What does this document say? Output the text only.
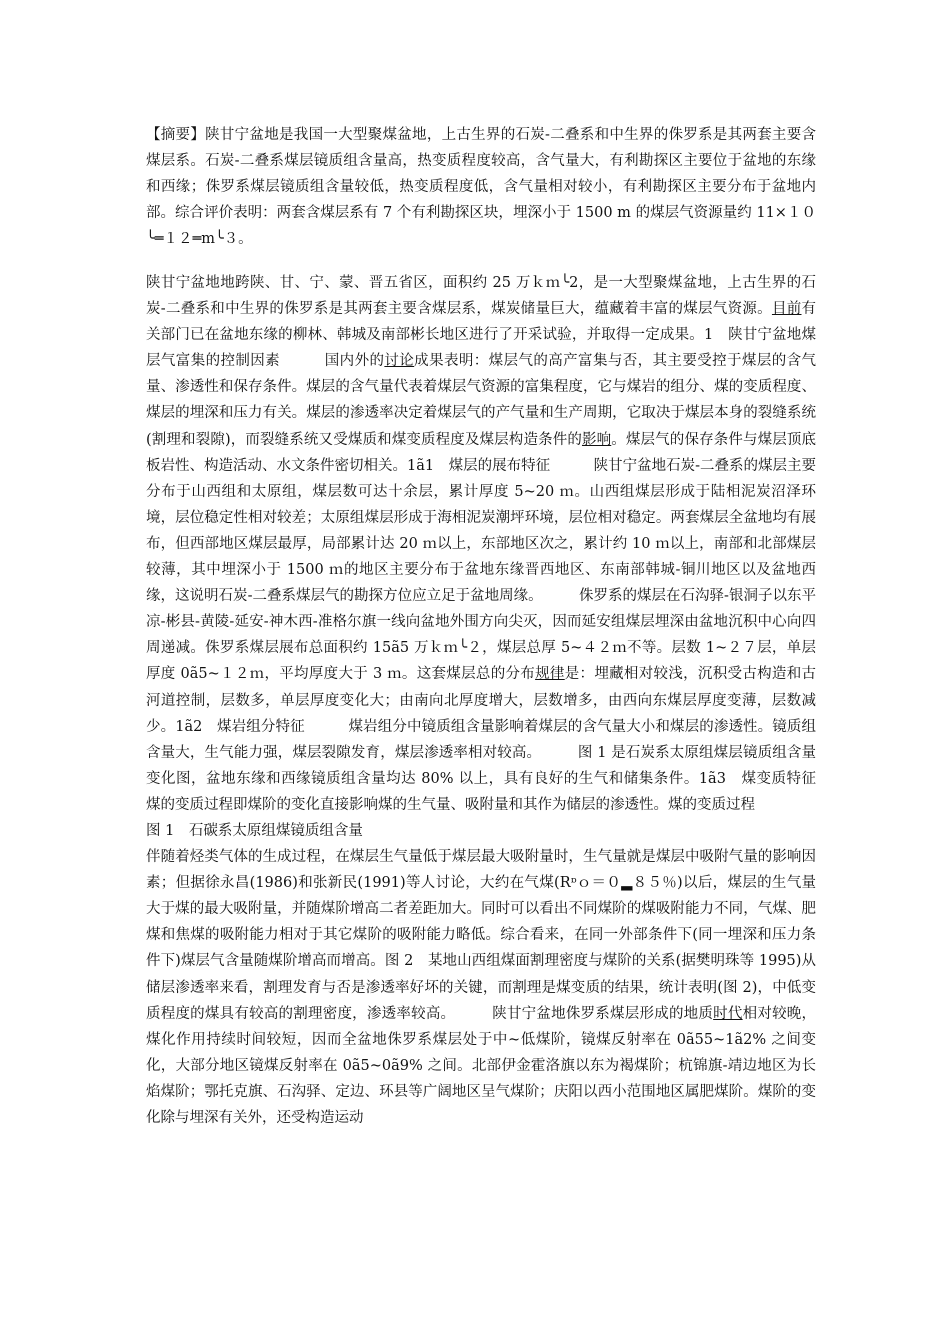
【摘要】陕甘宁盆地是我国一大型聚煤盆地，上古生界的石炭-二叠系和中生界的侏罗系是其两套主要含煤层系。石炭-二叠系煤层镜质组含量高，热变质程度较高，含气量大，有利勘探区主要位于盆地的东缘和西缘；侏罗系煤层镜质组含量较低，热变质程度低，含气量相对较小，有利勘探区主要分布于盆地内部。综合评价表明：两套含煤层系有 7 个有利勘探区块，埋深小于 1500 m 的煤层气资源量约 11×１０╰═１２═m╰３。

陕甘宁盆地地跨陕、甘、宁、蒙、晋五省区，面积约 25 万ｋｍ╰2，是一大型聚煤盆地，上古生界的石炭-二叠系和中生界的侏罗系是其两套主要含煤层系，煤炭储量巨大，蕴藏着丰富的煤层气资源。目前有关部门已在盆地东缘的柳林、韩城及南部彬长地区进行了开采试验，并取得一定成果。1　陕甘宁盆地煤层气富集的控制因素　　　国内外的讨论成果表明：煤层气的高产富集与否，其主要受控于煤层的含气量、渗透性和保存条件。煤层的含气量代表着煤层气资源的富集程度，它与煤岩的组分、煤的变质程度、煤层的埋深和压力有关。煤层的渗透率决定着煤层气的产气量和生产周期，它取决于煤层本身的裂缝系统(割理和裂隙)，而裂缝系统又受煤质和煤变质程度及煤层构造条件的影响。煤层气的保存条件与煤层顶底板岩性、构造活动、水文条件密切相关。1ã1　煤层的展布特征　　　陕甘宁盆地石炭-二叠系的煤层主要分布于山西组和太原组，煤层数可达十余层，累计厚度 5~20 ｍ。山西组煤层形成于陆相泥炭沼泽环境，层位稳定性相对较差；太原组煤层形成于海相泥炭潮坪环境，层位相对稳定。两套煤层全盆地均有展布，但西部地区煤层最厚，局部累计达 20 ｍ以上，东部地区次之，累计约 10 ｍ以上，南部和北部煤层较薄，其中埋深小于 1500 ｍ的地区主要分布于盆地东缘晋西地区、东南部韩城-铜川地区以及盆地西缘，这说明石炭-二叠系煤层气的勘探方位应立足于盆地周缘。　　　侏罗系的煤层在石沟驿-银洞子以东平凉-彬县-黄陵-延安-神木西-准格尔旗一线向盆地外围方向尖灭，因而延安组煤层埋深由盆地沉积中心向四周递减。侏罗系煤层展布总面积约 15ã5 万ｋｍ╰２，煤层总厚 5~４２ｍ不等。层数 1~２７层，单层厚度 0ã5~１２ｍ，平均厚度大于 3 ｍ。这套煤层总的分布规律是：埋藏相对较浅，沉积受古构造和古河道控制，层数多，单层厚度变化大；由南向北厚度增大，层数增多，由西向东煤层厚度变薄，层数减少。1ã2　煤岩组分特征　　　煤岩组分中镜质组含量影响着煤层的含气量大小和煤层的渗透性。镜质组含量大，生气能力强，煤层裂隙发育，煤层渗透率相对较高。　　　图 1 是石炭系太原组煤层镜质组含量变化图，盆地东缘和西缘镜质组含量均达 80% 以上，具有良好的生气和储集条件。1ã3　煤变质特征　　　煤的变质过程即煤阶的变化直接影响煤的生气量、吸附量和其作为储层的渗透性。煤的变质过程
图 1　石碳系太原组煤镜质组含量
伴随着烃类气体的生成过程，在煤层生气量低于煤层最大吸附量时，生气量就是煤层中吸附气量的影响因素；但据徐永昌(1986)和张新民(1991)等人讨论，大约在气煤(Rᶛｏ＝０▂８５％)以后，煤层的生气量大于煤的最大吸附量，并随煤阶增高二者差距加大。同时可以看出不同煤阶的煤吸附能力不同，气煤、肥煤和焦煤的吸附能力相对于其它煤阶的吸附能力略低。综合看来，在同一外部条件下(同一埋深和压力条件下)煤层气含量随煤阶增高而增高。图 2　某地山西组煤面割理密度与煤阶的关系(据樊明珠等 1995)从储层渗透率来看，割理发育与否是渗透率好坏的关键，而割理是煤变质的结果，统计表明(图 2)，中低变质程度的煤具有较高的割理密度，渗透率较高。　　　陕甘宁盆地侏罗系煤层形成的地质时代相对较晚，煤化作用持续时间较短，因而全盆地侏罗系煤层处于中~低煤阶，镜煤反射率在 0ã55~1ã2% 之间变化，大部分地区镜煤反射率在 0ã5~0ã9% 之间。北部伊金霍洛旗以东为褐煤阶；杭锦旗-靖边地区为长焰煤阶；鄂托克旗、石沟驿、定边、环县等广阔地区呈气煤阶；庆阳以西小范围地区属肥煤阶。煤阶的变化除与埋深有关外，还受构造运动
